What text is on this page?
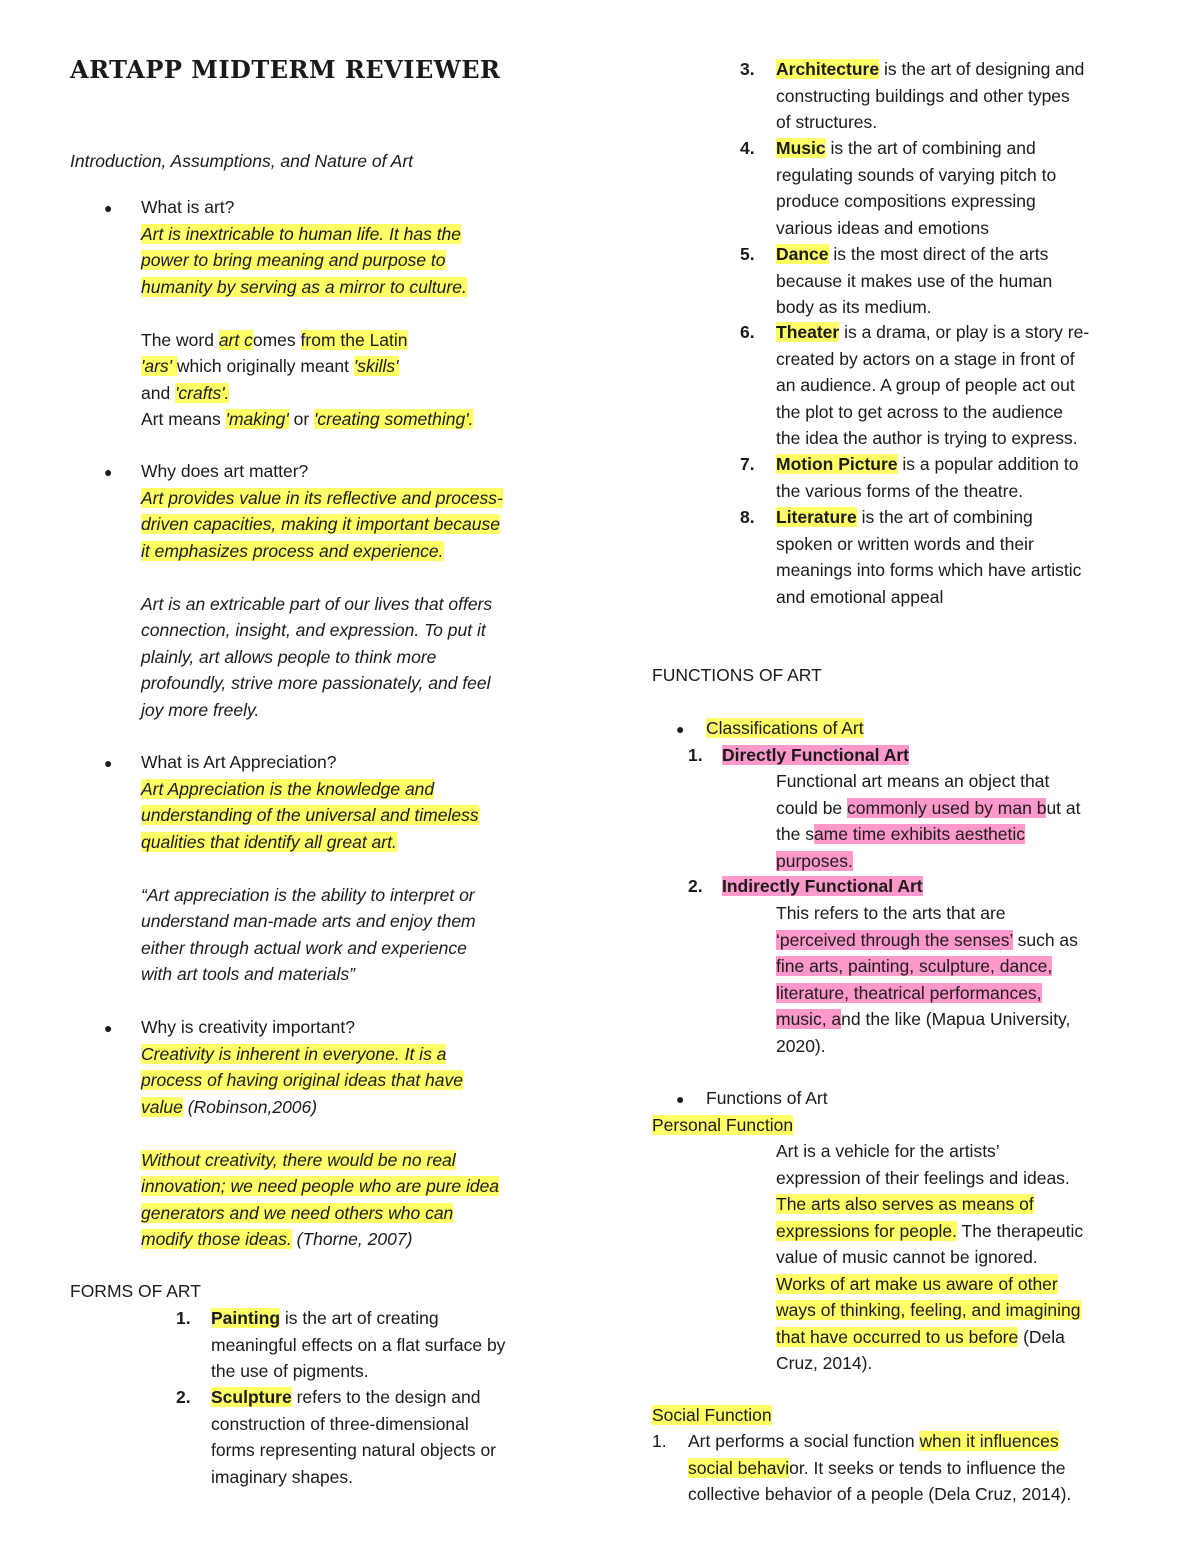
ARTAPP MIDTERM REVIEWER

Introduction, Assumptions, and Nature of Art

● What is art?

Art is inextricable to human life. It has the

power to bring meaning and purpose to

humanity by serving as a mirror to culture.

The word art comes from the Latin

'ars' which originally meant 'skills'

and 'crafts'.

Art means 'making' or 'creating something'.

● Why does art matter?

Art provides value in its reflective and process-

driven capacities, making it important because

it emphasizes process and experience.

Art is an extricable part of our lives that offers

connection, insight, and expression. To put it

plainly, art allows people to think more

profoundly, strive more passionately, and feel

joy more freely.

● What is Art Appreciation?

Art Appreciation is the knowledge and

understanding of the universal and timeless

qualities that identify all great art.

“Art appreciation is the ability to interpret or

understand man-made arts and enjoy them

either through actual work and experience

with art tools and materials”

● Why is creativity important?

Creativity is inherent in everyone. It is a

process of having original ideas that have

value (Robinson,2006)

Without creativity, there would be no real

innovation; we need people who are pure idea

generators and we need others who can

modify those ideas. (Thorne, 2007)

FORMS OF ART

1. Painting is the art of creating

meaningful effects on a flat surface by

the use of pigments.

2. Sculpture refers to the design and

construction of three-dimensional

forms representing natural objects or

imaginary shapes.

3. Architecture is the art of designing and

constructing buildings and other types

of structures.

4. Music is the art of combining and

regulating sounds of varying pitch to

produce compositions expressing

various ideas and emotions

5. Dance is the most direct of the arts

because it makes use of the human

body as its medium.

6. Theater is a drama, or play is a story re-

created by actors on a stage in front of

an audience. A group of people act out

the plot to get across to the audience

the idea the author is trying to express.

7. Motion Picture is a popular addition to

the various forms of the theatre.

8. Literature is the art of combining

spoken or written words and their

meanings into forms which have artistic

and emotional appeal

FUNCTIONS OF ART

● Classifications of Art

1. Directly Functional Art

Functional art means an object that

could be commonly used by man but at

the same time exhibits aesthetic

purposes.

2. Indirectly Functional Art

This refers to the arts that are

‘perceived through the senses’ such as

fine arts, painting, sculpture, dance,

literature, theatrical performances,

music, and the like (Mapua University,

2020).

● Functions of Art

Personal Function

Art is a vehicle for the artists’

expression of their feelings and ideas.

The arts also serves as means of

expressions for people. The therapeutic

value of music cannot be ignored.

Works of art make us aware of other

ways of thinking, feeling, and imagining

that have occurred to us before (Dela

Cruz, 2014).

Social Function

1. Art performs a social function when it influences

social behavior. It seeks or tends to influence the

collective behavior of a people (Dela Cruz, 2014).
